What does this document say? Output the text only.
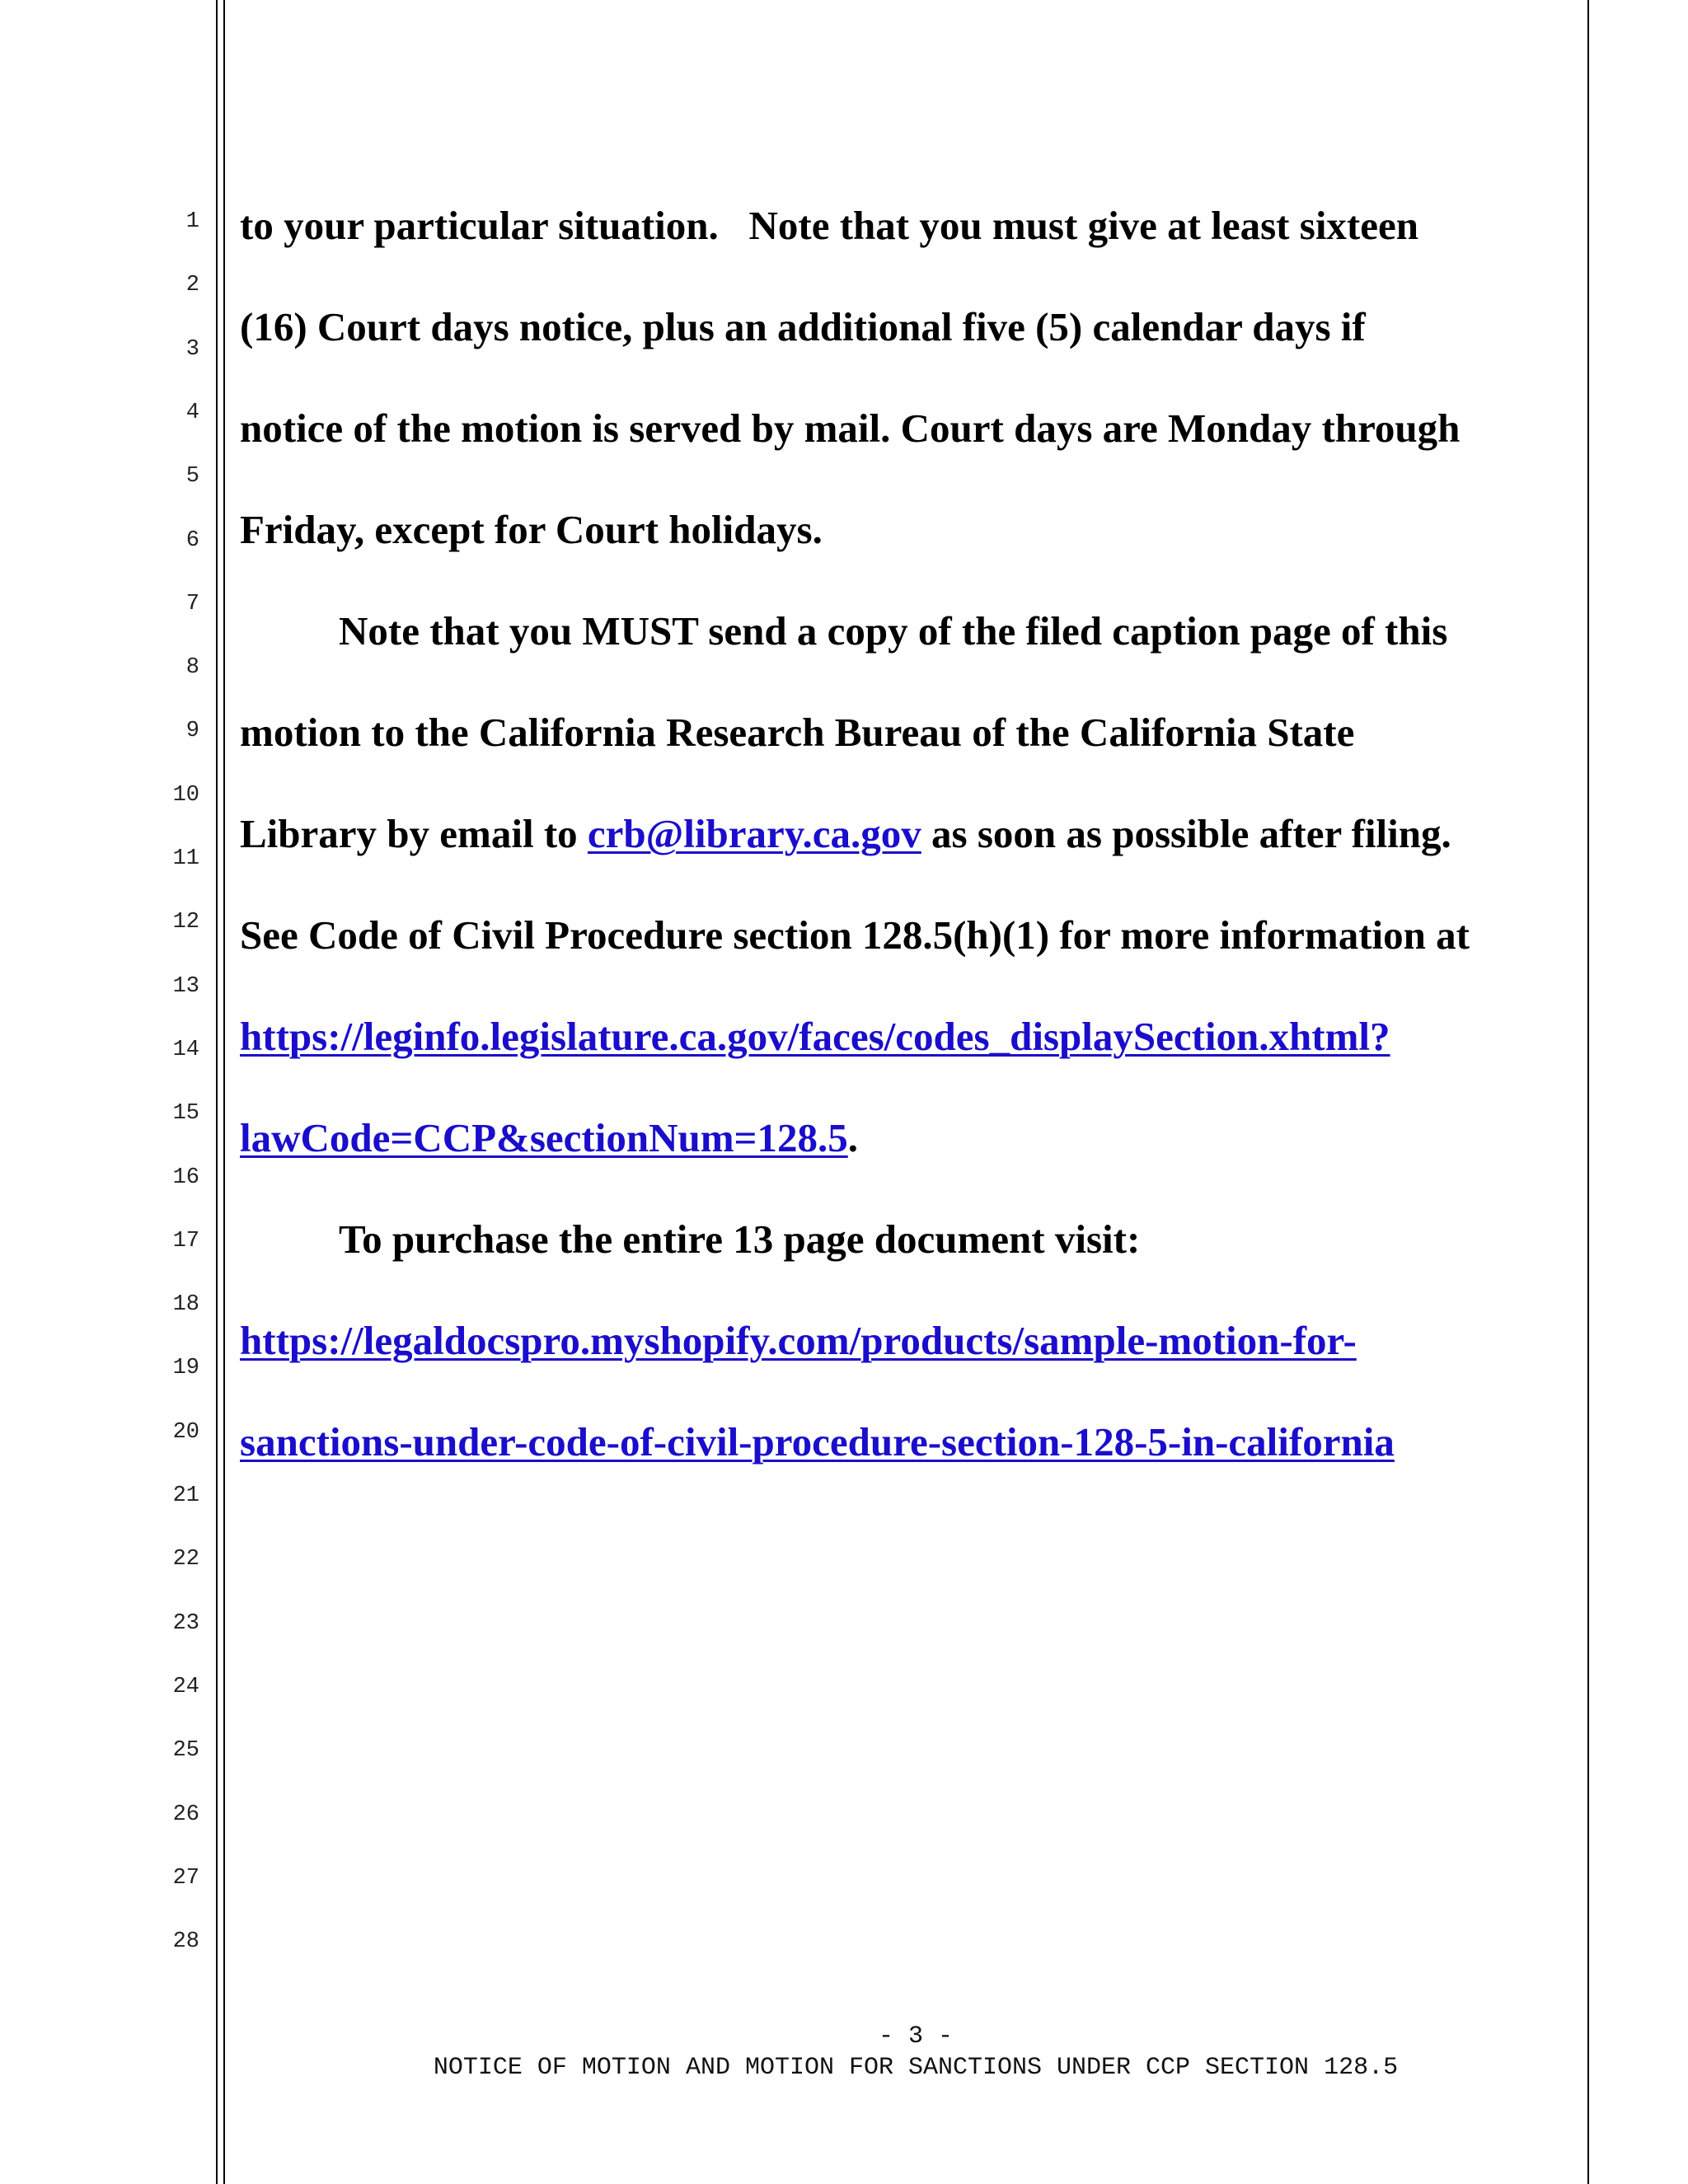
1
2
3
4
5
6
7
8
9
10
11
12
13
14
15
16
17
18
19
20
21
22
23
24
25
26
27
28
to your particular situation.   Note that you must give at least sixteen
(16) Court days notice, plus an additional five (5) calendar days if
notice of the motion is served by mail. Court days are Monday through
Friday, except for Court holidays.
Note that you MUST send a copy of the filed caption page of this
motion to the California Research Bureau of the California State
Library by email to crb@library.ca.gov as soon as possible after filing.
See Code of Civil Procedure section 128.5(h)(1) for more information at
https://leginfo.legislature.ca.gov/faces/codes_displaySection.xhtml?
lawCode=CCP&sectionNum=128.5.
To purchase the entire 13 page document visit:
https://legaldocspro.myshopify.com/products/sample-motion-for-
sanctions-under-code-of-civil-procedure-section-128-5-in-california
- 3 -
NOTICE OF MOTION AND MOTION FOR SANCTIONS UNDER CCP SECTION 128.5
